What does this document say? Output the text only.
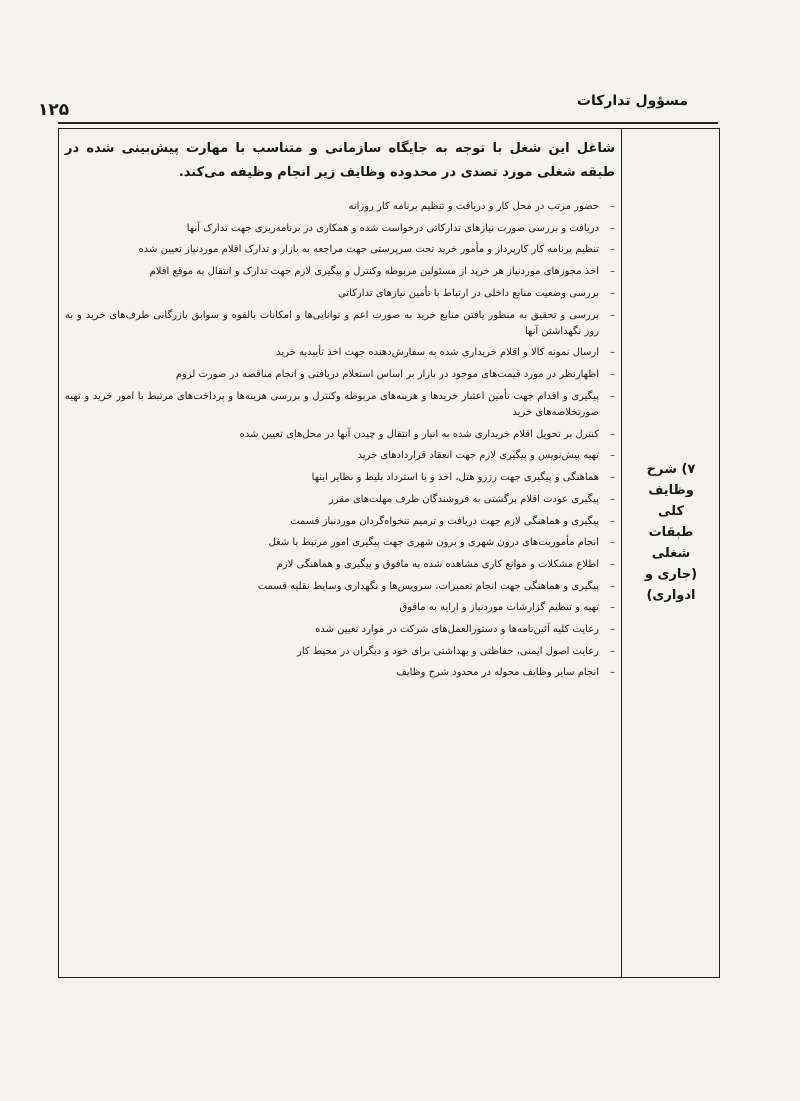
مسؤول تدارکات
۱۲۵
۷) شرح
وظایف
کلی
طبقات
شغلی
(جاری و
ادواری)

شاغل این شغل با توجه به جایگاه سازمانی و متناسب با مهارت پیش‌بینی شده در طبقه شغلی مورد تصدی در محدوده وظایف زیر انجام وظیفه می‌کند.

–
حضور مرتب در محل کار و دریافت و تنظیم برنامه کار روزانه
–
دریافت و بررسی صورت نیازهای تدارکاتی درخواست شده و همکاری در برنامه‌ریزی جهت تدارک آنها
–
تنظیم برنامه کار کارپرداز و مأمور خرید تحت سرپرستی جهت مراجعه به بازار و تدارک اقلام موردنیاز تعیین شده
–
اخذ مجوزهای موردنیاز هر خرید از مسئولین مربوطه وکنترل و پیگیری لازم جهت تدارک و انتقال به موقع اقلام
–
بررسی وضعیت منابع داخلی در ارتباط با تأمین نیازهای تدارکاتی
–
بررسی و تحقیق به منظور یافتن منابع خرید به صورت اعم و توانایی‌ها و امکانات بالقوه و سوابق بازرگانی طرف‌های خرید و به روز نگهداشتن آنها
–
ارسال نمونه کالا و اقلام خریداری شده به سفارش‌دهنده جهت اخذ تأییدیه خرید
–
اظهارنظر در مورد قیمت‌های موجود در بازار بر اساس استعلام دریافتی و انجام مناقصه در صورت لزوم
–
پیگیری و اقدام جهت تأمین اعتبار خریدها و هزینه‌های مربوطه وکنترل و بررسی هزینه‌ها و پرداخت‌های مرتبط با امور خرید و تهیه صورتخلاصه‌های خرید
–
کنترل بر تحویل اقلام خریداری شده به انبار و انتقال و چیدن آنها در محل‌های تعیین شده
–
تهیه پیش‌نویس و پیگیری لازم جهت انعقاد قراردادهای خرید
–
هماهنگی و پیگیری جهت رزرو هتل، اخذ و یا استرداد بلیط و نظایر اینها
–
پیگیری عودت اقلام برگشتی به فروشندگان ظرف مهلت‌های مقرر
–
پیگیری و هماهنگی لازم جهت دریافت و ترمیم تنخواه‌گردان موردنیاز قسمت
–
انجام مأموریت‌های درون شهری و برون شهری جهت پیگیری امور مرتبط با شغل
–
اطلاع مشکلات و موانع کاری مشاهده شده به مافوق و پیگیری و هماهنگی لازم
–
پیگیری و هماهنگی جهت انجام تعمیرات، سرویس‌ها و نگهداری وسایط نقلیه قسمت
–
تهیه و تنظیم گزارشات موردنیاز و ارایه به مافوق
–
رعایت کلیه آئین‌نامه‌ها و دستورالعمل‌های شرکت در موارد تعیین شده
–
رعایت اصول ایمنی، حفاظتی و بهداشتی برای خود و دیگران در محیط کار
–
انجام سایر وظایف محوله در محدود شرح وظایف
